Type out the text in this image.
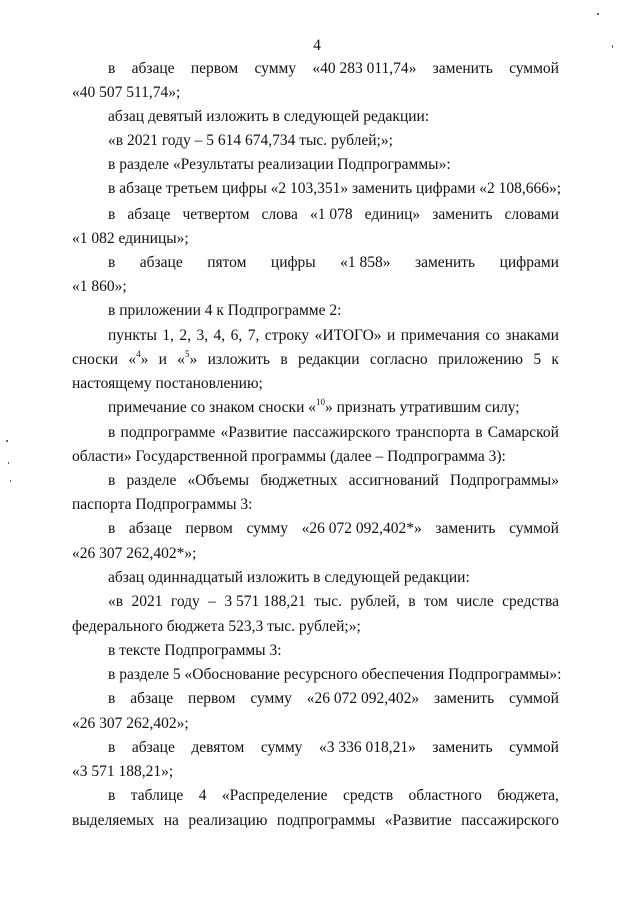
4
в абзаце первом сумму «40 283 011,74» заменить суммой
«40 507 511,74»;
абзац девятый изложить в следующей редакции:
«в 2021 году – 5 614 674,734 тыс. рублей;»;
в разделе «Результаты реализации Подпрограммы»:
в абзаце третьем цифры «2 103,351» заменить цифрами «2 108,666»;
в абзаце четвертом слова «1 078 единиц» заменить словами
«1 082 единицы»;
в абзаце пятом цифры «1 858» заменить цифрами
«1 860»;
в приложении 4 к Подпрограмме 2:
пункты 1, 2, 3, 4, 6, 7, строку «ИТОГО» и примечания со знаками
сноски «$^4$» и «$^5$» изложить в редакции согласно приложению 5 к
настоящему постановлению;
примечание со знаком сноски «$^{10}$» признать утратившим силу;
в подпрограмме «Развитие пассажирского транспорта в Самарской
области» Государственной программы (далее – Подпрограмма 3):
в разделе «Объемы бюджетных ассигнований Подпрограммы»
паспорта Подпрограммы 3:
в абзаце первом сумму «26 072 092,402*» заменить суммой
«26 307 262,402*»;
абзац одиннадцатый изложить в следующей редакции:
«в 2021 году – 3 571 188,21 тыс. рублей, в том числе средства
федерального бюджета 523,3 тыс. рублей;»;
в тексте Подпрограммы 3:
в разделе 5 «Обоснование ресурсного обеспечения Подпрограммы»:
в абзаце первом сумму «26 072 092,402» заменить суммой
«26 307 262,402»;
в абзаце девятом сумму «3 336 018,21» заменить суммой
«3 571 188,21»;
в таблице 4 «Распределение средств областного бюджета,
выделяемых на реализацию подпрограммы «Развитие пассажирского
